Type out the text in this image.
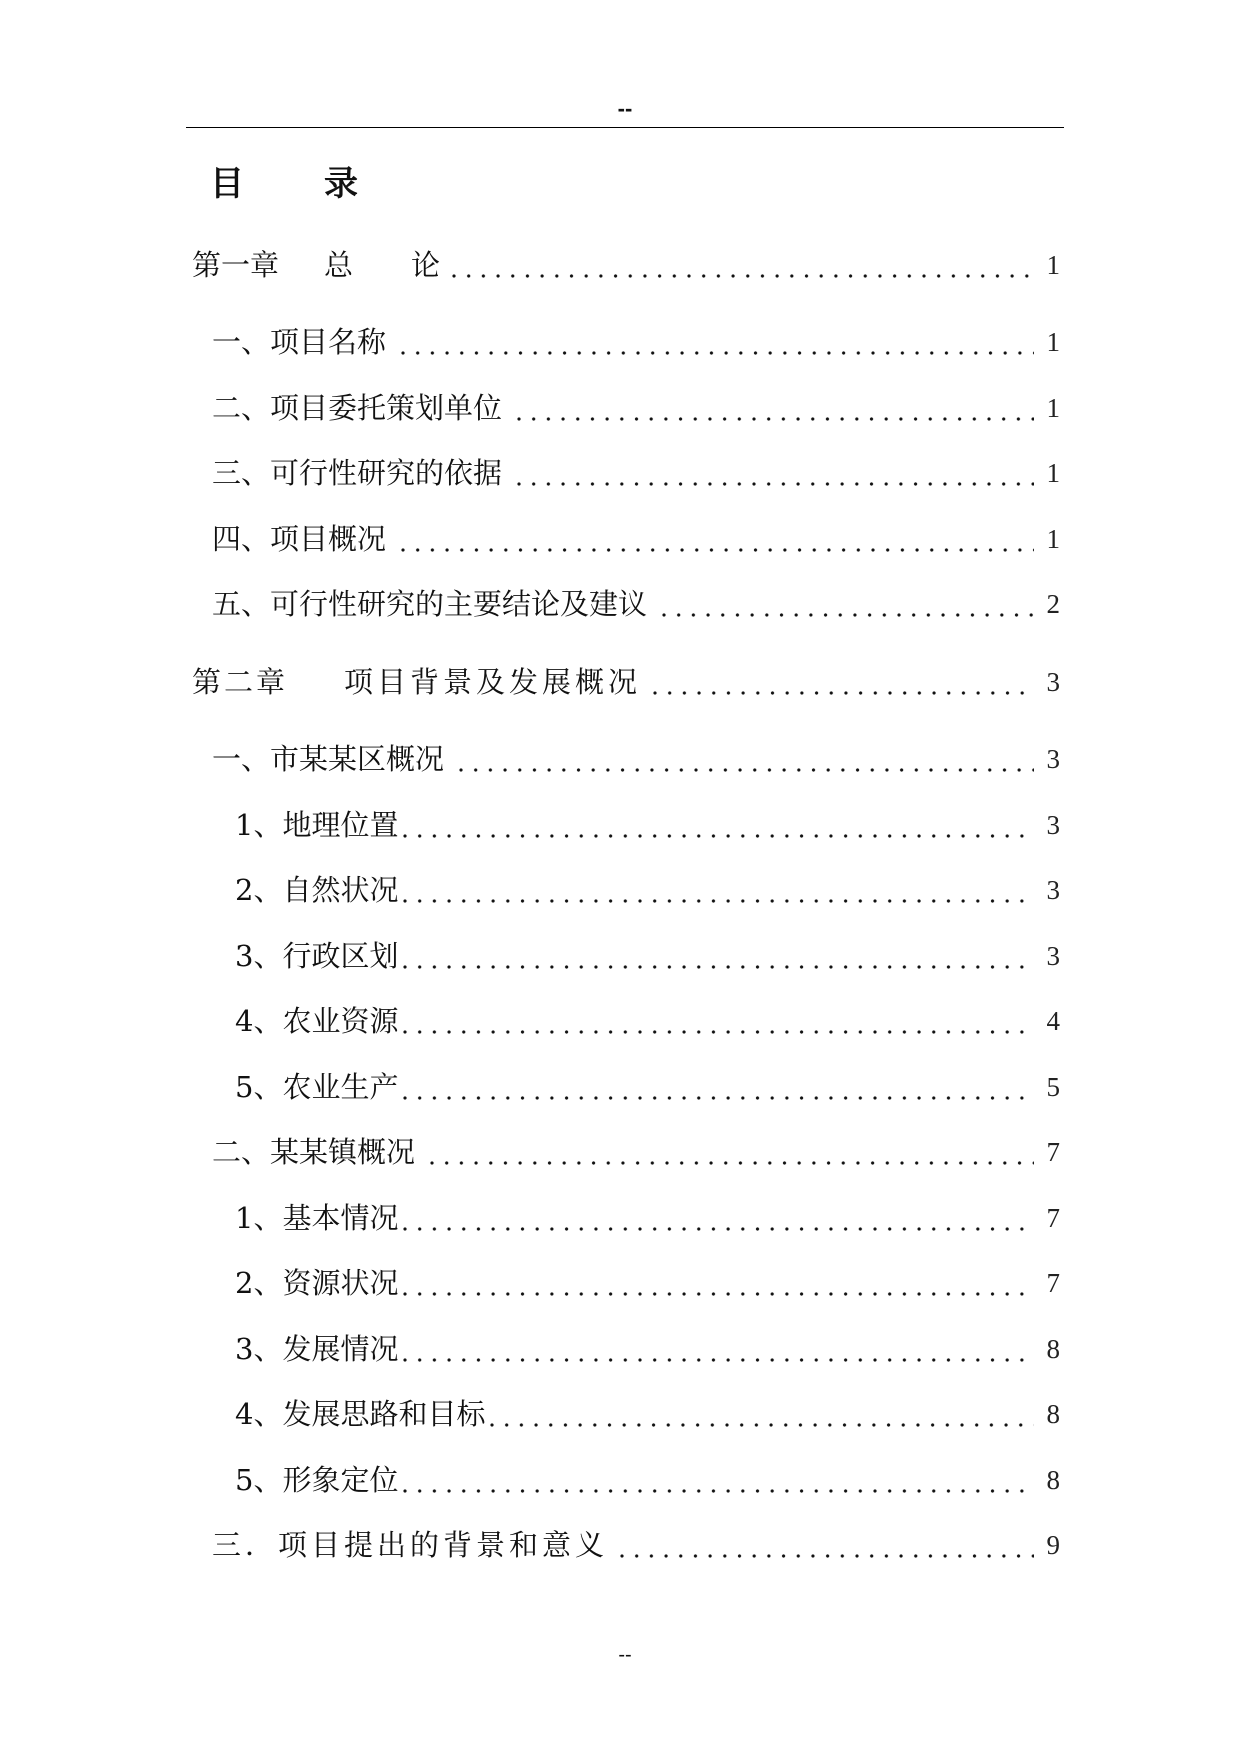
--
目　　录
第一章 总　　论	1
一、项目名称	1
二、项目委托策划单位	1
三、可行性研究的依据	1
四、项目概况	1
五、可行性研究的主要结论及建议	2
第二章 项目背景及发展概况	3
一、市某某区概况	3
1、地理位置	3
2、自然状况	3
3、行政区划	3
4、农业资源	4
5、农业生产	5
二、某某镇概况	7
1、基本情况	7
2、资源状况	7
3、发展情况	8
4、发展思路和目标	8
5、形象定位	8
三．项目提出的背景和意义	9
--
